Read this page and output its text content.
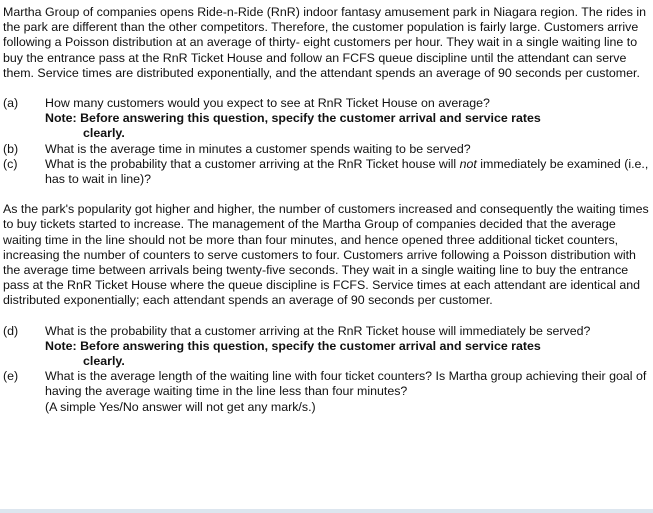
Martha Group of companies opens Ride-n-Ride (RnR) indoor fantasy amusement park in Niagara region. The rides in the park are different than the other competitors. Therefore, the customer population is fairly large. Customers arrive following a Poisson distribution at an average of thirty- eight customers per hour. They wait in a single waiting line to buy the entrance pass at the RnR Ticket House and follow an FCFS queue discipline until the attendant can serve them. Service times are distributed exponentially, and the attendant spends an average of 90 seconds per customer.

(a)	How many customers would you expect to see at RnR Ticket House on average?

Note: Before answering this question, specify the customer arrival and service rates
clearly.

(b)	What is the average time in minutes a customer spends waiting to be served?

(c)	What is the probability that a customer arriving at the RnR Ticket house will not immediately be examined (i.e., has to wait in line)?

As the park's popularity got higher and higher, the number of customers increased and consequently the waiting times to buy tickets started to increase. The management of the Martha Group of companies decided that the average waiting time in the line should not be more than four minutes, and hence opened three additional ticket counters, increasing the number of counters to serve customers to four. Customers arrive following a Poisson distribution with the average time between arrivals being twenty-five seconds. They wait in a single waiting line to buy the entrance pass at the RnR Ticket House where the queue discipline is FCFS. Service times at each attendant are identical and distributed exponentially; each attendant spends an average of 90 seconds per customer.

(d)	What is the probability that a customer arriving at the RnR Ticket house will immediately be served?

Note: Before answering this question, specify the customer arrival and service rates
clearly.

(e)	What is the average length of the waiting line with four ticket counters? Is Martha group achieving their goal of having the average waiting time in the line less than four minutes?

(A simple Yes/No answer will not get any mark/s.)
